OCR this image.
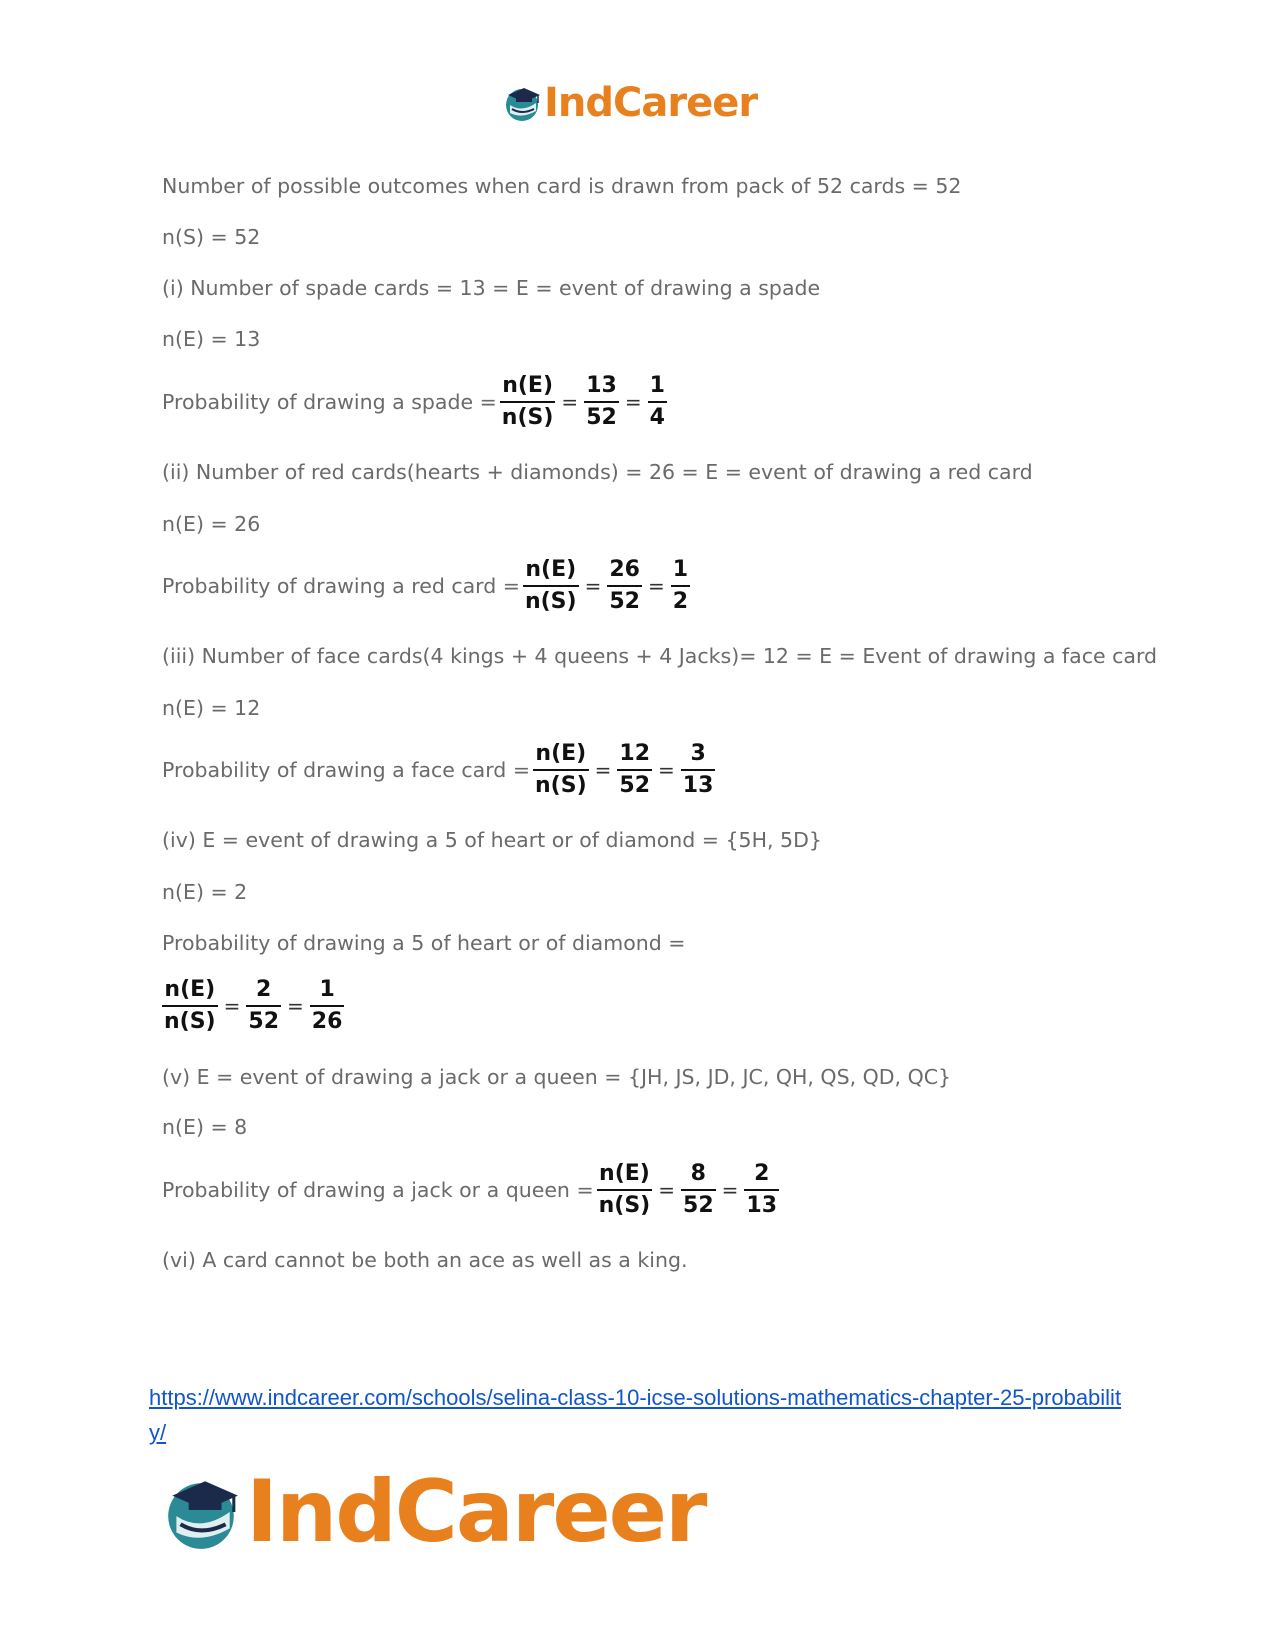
IndCareer
Number of possible outcomes when card is drawn from pack of 52 cards = 52
n(S) = 52
(i) Number of spade cards = 13 = E = event of drawing a spade
n(E) = 13
Probability of drawing a spade = $\frac{n(E)}{n(S)} = \frac{13}{52} = \frac{1}{4}$
(ii) Number of red cards(hearts + diamonds) = 26 = E = event of drawing a red card
n(E) = 26
Probability of drawing a red card = $\frac{n(E)}{n(S)} = \frac{26}{52} = \frac{1}{2}$
(iii) Number of face cards(4 kings + 4 queens + 4 Jacks)= 12 = E = Event of drawing a face card
n(E) = 12
Probability of drawing a face card = $\frac{n(E)}{n(S)} = \frac{12}{52} = \frac{3}{13}$
(iv) E = event of drawing a 5 of heart or of diamond = {5H, 5D}
n(E) = 2
Probability of drawing a 5 of heart or of diamond =
$\frac{n(E)}{n(S)} = \frac{2}{52} = \frac{1}{26}$
(v) E = event of drawing a jack or a queen = {JH, JS, JD, JC, QH, QS, QD, QC}
n(E) = 8
Probability of drawing a jack or a queen = $\frac{n(E)}{n(S)} = \frac{8}{52} = \frac{2}{13}$
(vi) A card cannot be both an ace as well as a king.
https://www.indcareer.com/schools/selina-class-10-icse-solutions-mathematics-chapter-25-probability/
IndCareer
